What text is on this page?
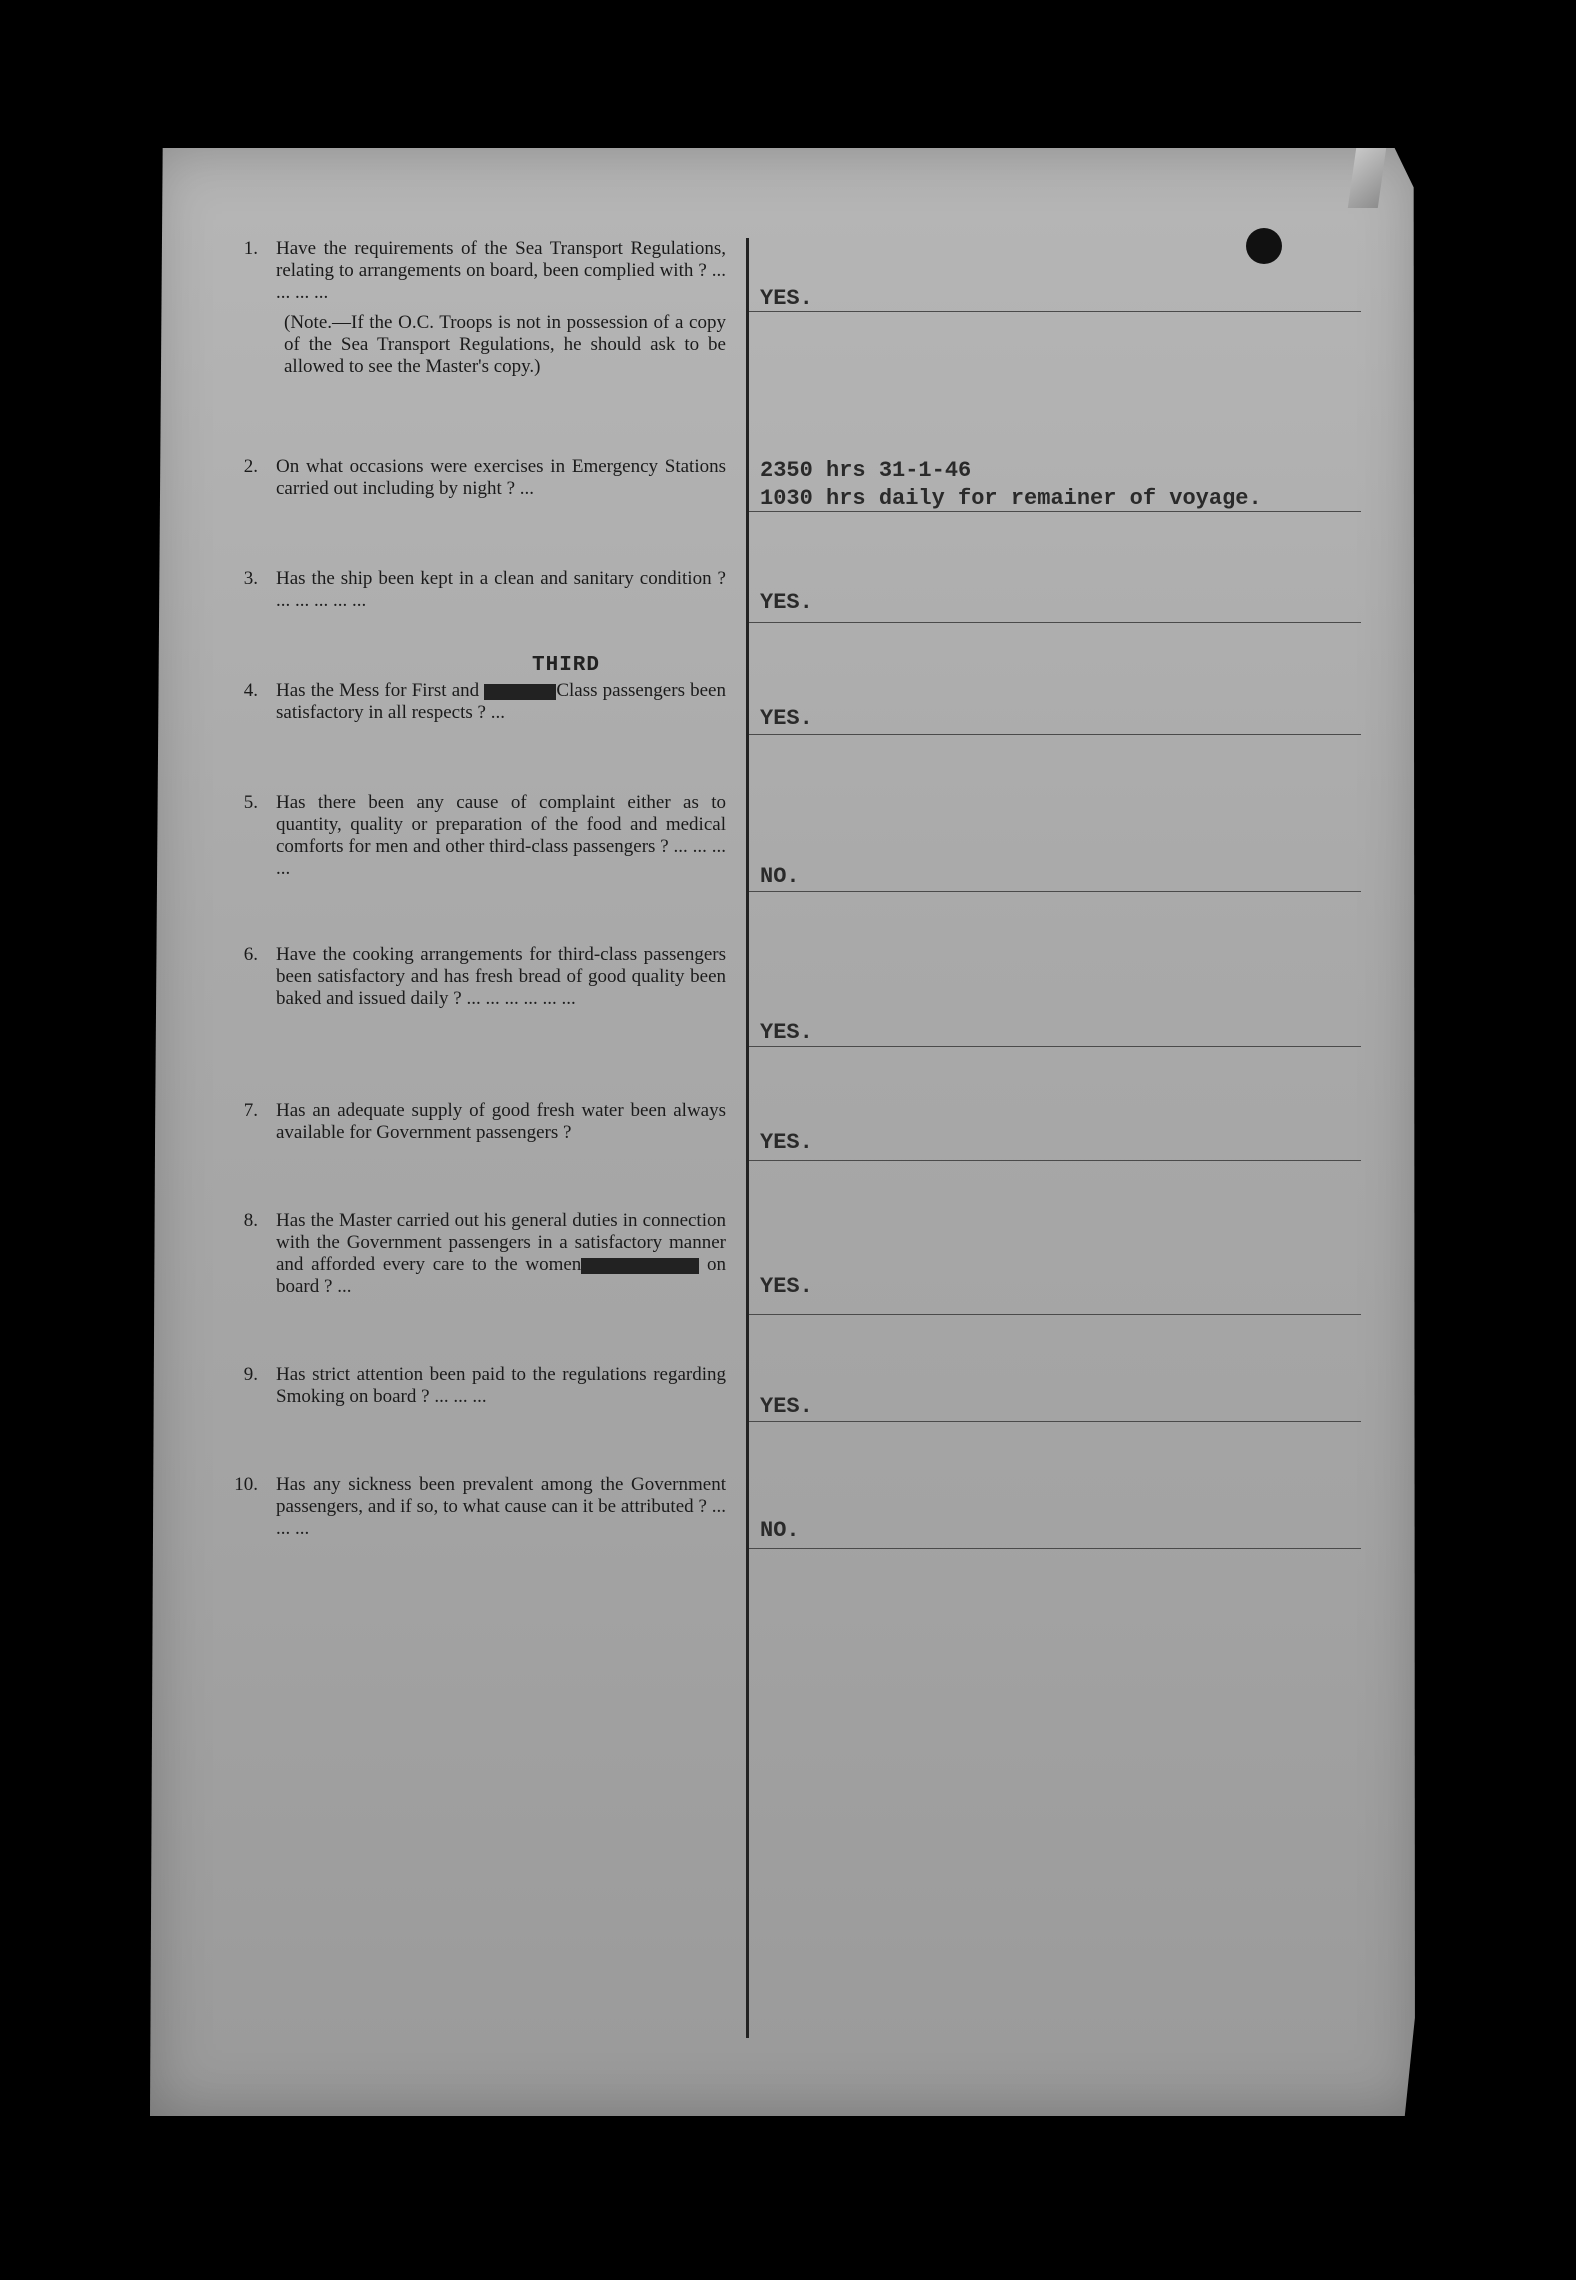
1. Have the requirements of the Sea Transport Regulations, relating to arrangements on board, been complied with ? ... ... ... ...
(Note.—If the O.C. Troops is not in possession of a copy of the Sea Transport Regulations, he should ask to be allowed to see the Master's copy.)
YES.
2. On what occasions were exercises in Emergency Stations carried out including by night ? ...
2350 hrs 31-1-46
1030 hrs daily for remainer of voyage.
3. Has the ship been kept in a clean and sanitary condition ? ... ... ... ... ...	YES.
THIRD
4. Has the Mess for First and	Class passengers been satisfactory in all respects ? ...	YES.
5. Has there been any cause of complaint either as to quantity, quality or preparation of the food and medical comforts for men and other third-class passengers ? ... ... ... ...	NO.
6. Have the cooking arrangements for third-class passengers been satisfactory and has fresh bread of good quality been baked and issued daily ? ... ... ... ... ... ...
YES.
7. Has an adequate supply of good fresh water been always available for Government passengers ?	YES.
8. Has the Master carried out his general duties in connection with the Government passengers in a satisfactory manner and afforded every care to the women	on board ? ...	YES.
9. Has strict attention been paid to the regulations regarding Smoking on board ? ... ... ...	YES.
10. Has any sickness been prevalent among the Government passengers, and if so, to what cause can it be attributed ? ... ... ...	NO.
